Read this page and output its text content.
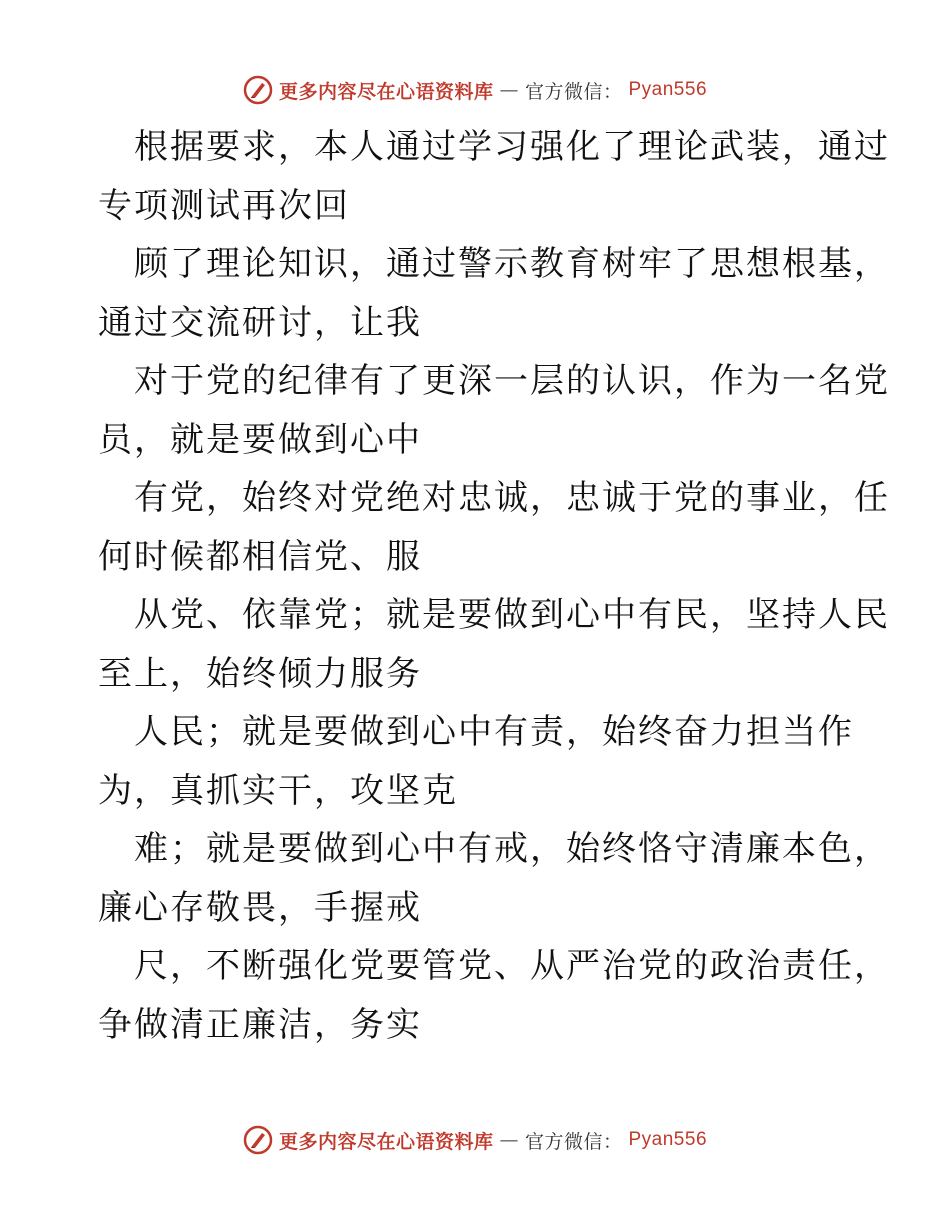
更多内容尽在心语资料库 — 官方微信： Pyan556
根据要求，本人通过学习强化了理论武装，通过
专项测试再次回
顾了理论知识，通过警示教育树牢了思想根基，
通过交流研讨，让我
对于党的纪律有了更深一层的认识，作为一名党
员，就是要做到心中
有党，始终对党绝对忠诚，忠诚于党的事业，任
何时候都相信党、服
从党、依靠党；就是要做到心中有民，坚持人民
至上，始终倾力服务
人民；就是要做到心中有责，始终奋力担当作
为，真抓实干，攻坚克
难；就是要做到心中有戒，始终恪守清廉本色，
廉心存敬畏，手握戒
尺，不断强化党要管党、从严治党的政治责任，
争做清正廉洁，务实
更多内容尽在心语资料库 — 官方微信： Pyan556
